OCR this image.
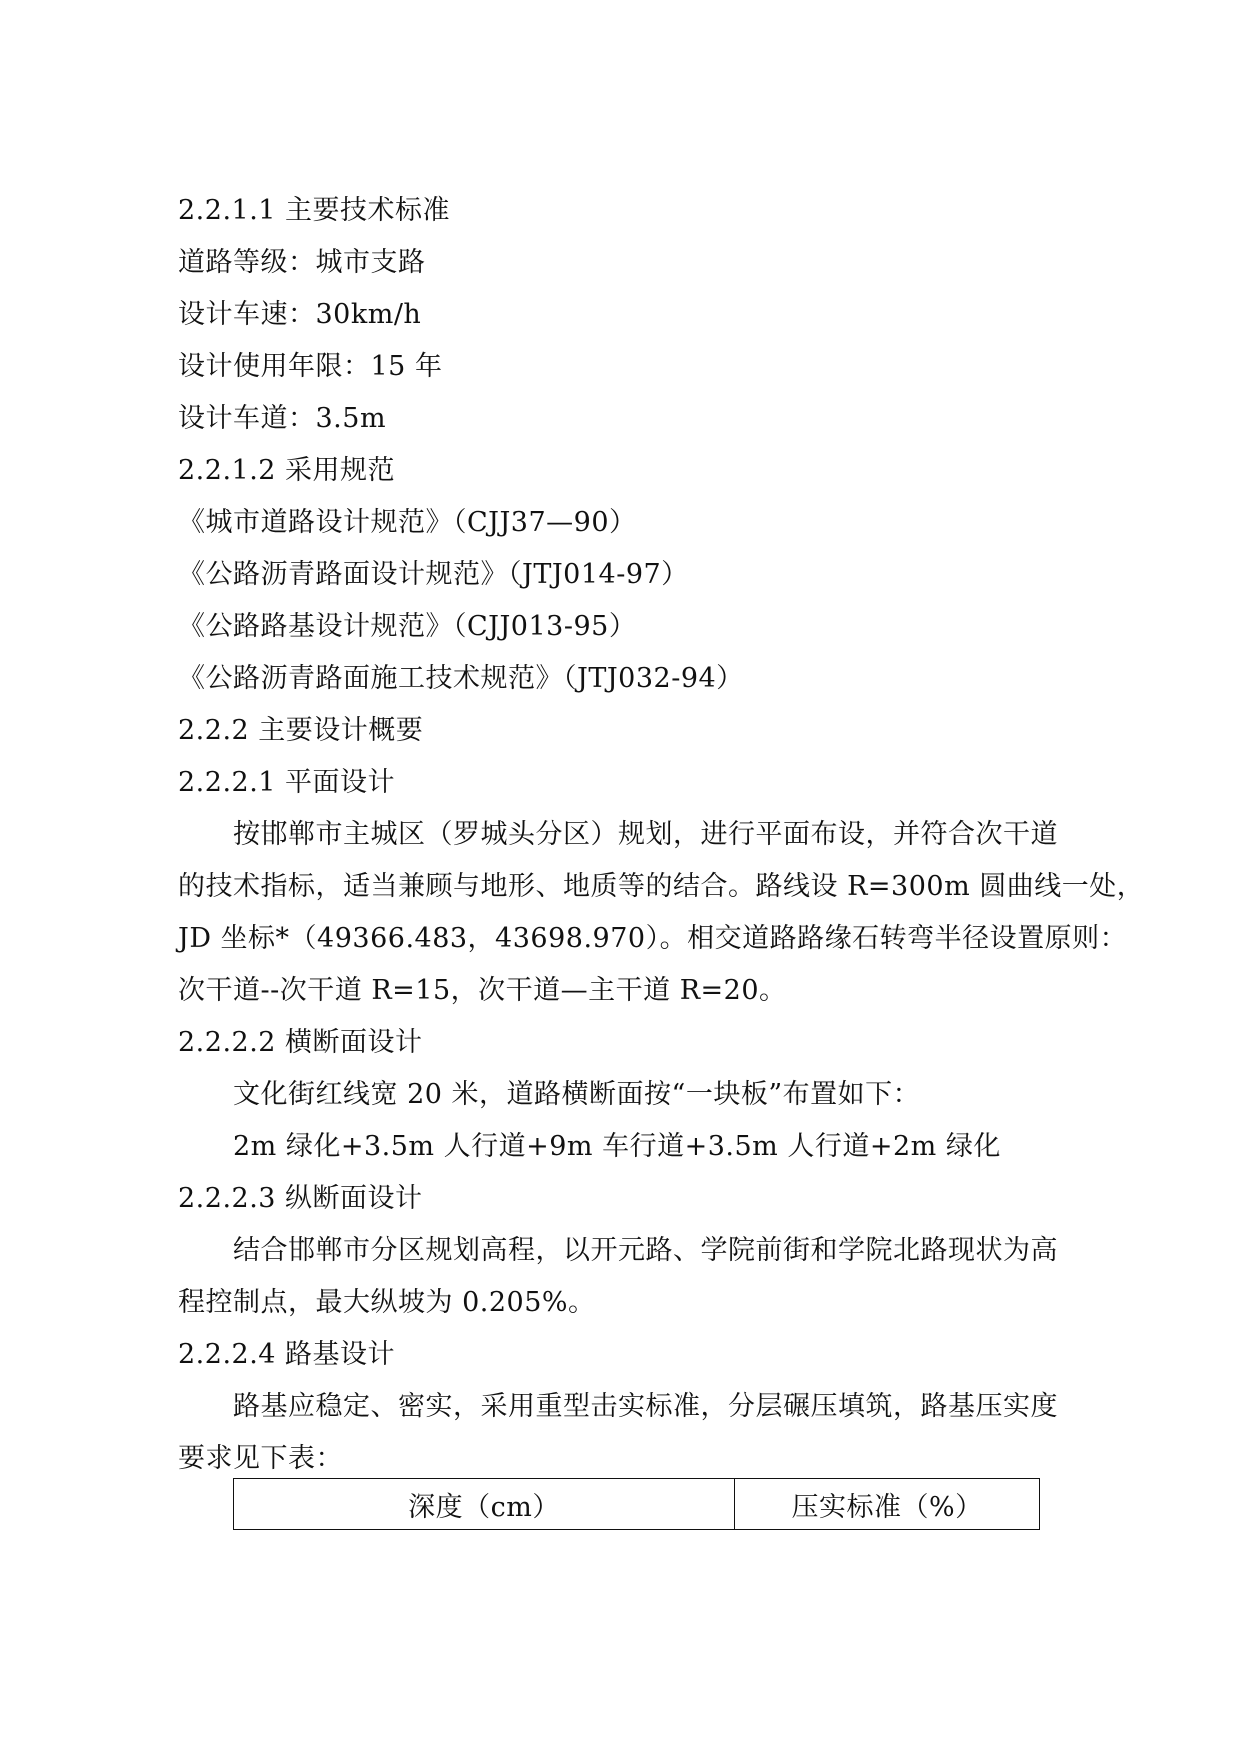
2.2.1.1 主要技术标准
道路等级：城市支路
设计车速：30km/h
设计使用年限：15 年
设计车道：3.5m
2.2.1.2 采用规范
《城市道路设计规范》（CJJ37—90）
《公路沥青路面设计规范》（JTJ014-97）
《公路路基设计规范》（CJJ013-95）
《公路沥青路面施工技术规范》（JTJ032-94）
2.2.2 主要设计概要
2.2.2.1 平面设计
按邯郸市主城区（罗城头分区）规划，进行平面布设，并符合次干道
的技术指标，适当兼顾与地形、地质等的结合。路线设 R=300m 圆曲线一处，
JD 坐标*（49366.483，43698.970）。相交道路路缘石转弯半径设置原则：
次干道--次干道 R=15，次干道—主干道 R=20。
2.2.2.2 横断面设计
文化街红线宽 20 米，道路横断面按“一块板”布置如下：
2m 绿化+3.5m 人行道+9m 车行道+3.5m 人行道+2m 绿化
2.2.2.3 纵断面设计
结合邯郸市分区规划高程，以开元路、学院前街和学院北路现状为高
程控制点，最大纵坡为 0.205%。
2.2.2.4 路基设计
路基应稳定、密实，采用重型击实标准，分层碾压填筑，路基压实度
要求见下表：
深度（cm）	压实标准（%）
